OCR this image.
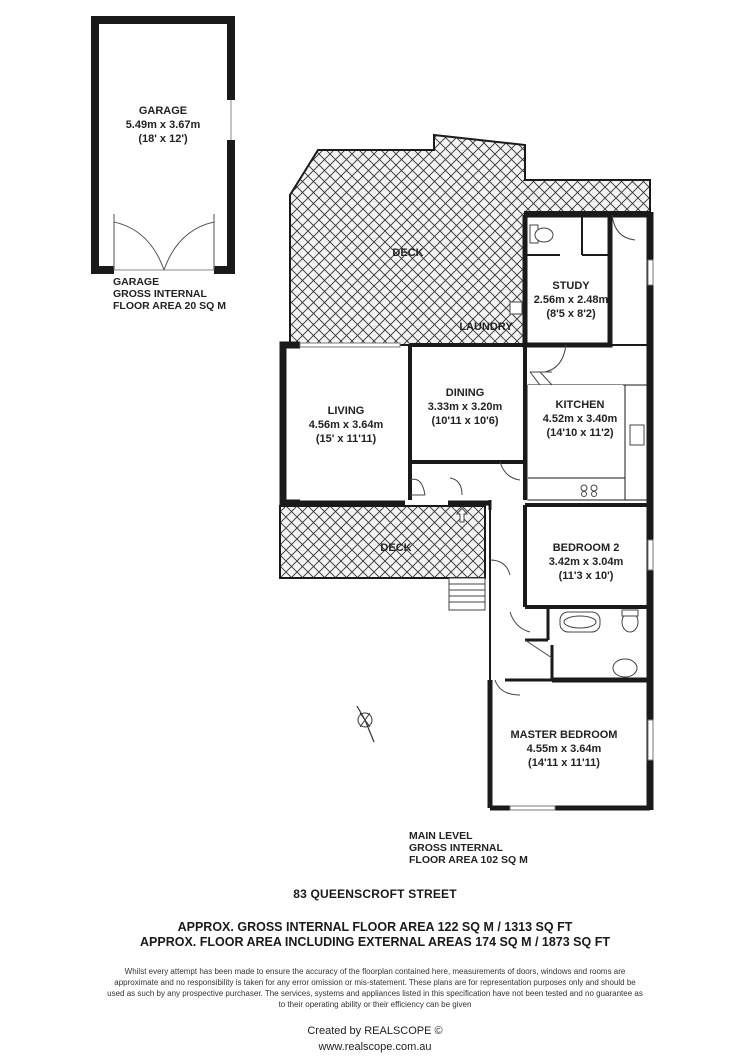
GARAGE
5.49m x 3.67m
(18' x 12')
GARAGE
GROSS INTERNAL
FLOOR AREA 20 SQ M
DECK
STUDY
2.56m x 2.48m
(8'5 x 8'2)
LAUNDRY
DINING
3.33m x 3.20m
(10'11 x 10'6)
KITCHEN
4.52m x 3.40m
(14'10 x 11'2)
LIVING
4.56m x 3.64m
(15' x 11'11)
DECK	BEDROOM 2
3.42m x 3.04m
(11'3 x 10')
MASTER BEDROOM
4.55m x 3.64m
(14'11 x 11'11)
MAIN LEVEL
GROSS INTERNAL
FLOOR AREA 102 SQ M
83 QUEENSCROFT STREET
APPROX. GROSS INTERNAL FLOOR AREA 122 SQ M / 1313 SQ FT
APPROX. FLOOR AREA INCLUDING EXTERNAL AREAS 174 SQ M / 1873 SQ FT
Whilst every attempt has been made to ensure the accuracy of the floorplan contained here, measurements of doors, windows and rooms are approximate and no responsibility is taken for any error omission or mis-statement. These plans are for representation purposes only and should be used as such by any prospective purchaser. The services, systems and appliances listed in this specification have not been tested and no guarantee as to their operating ability or their efficiency can be given
Created by REALSCOPE ©
www.realscope.com.au
